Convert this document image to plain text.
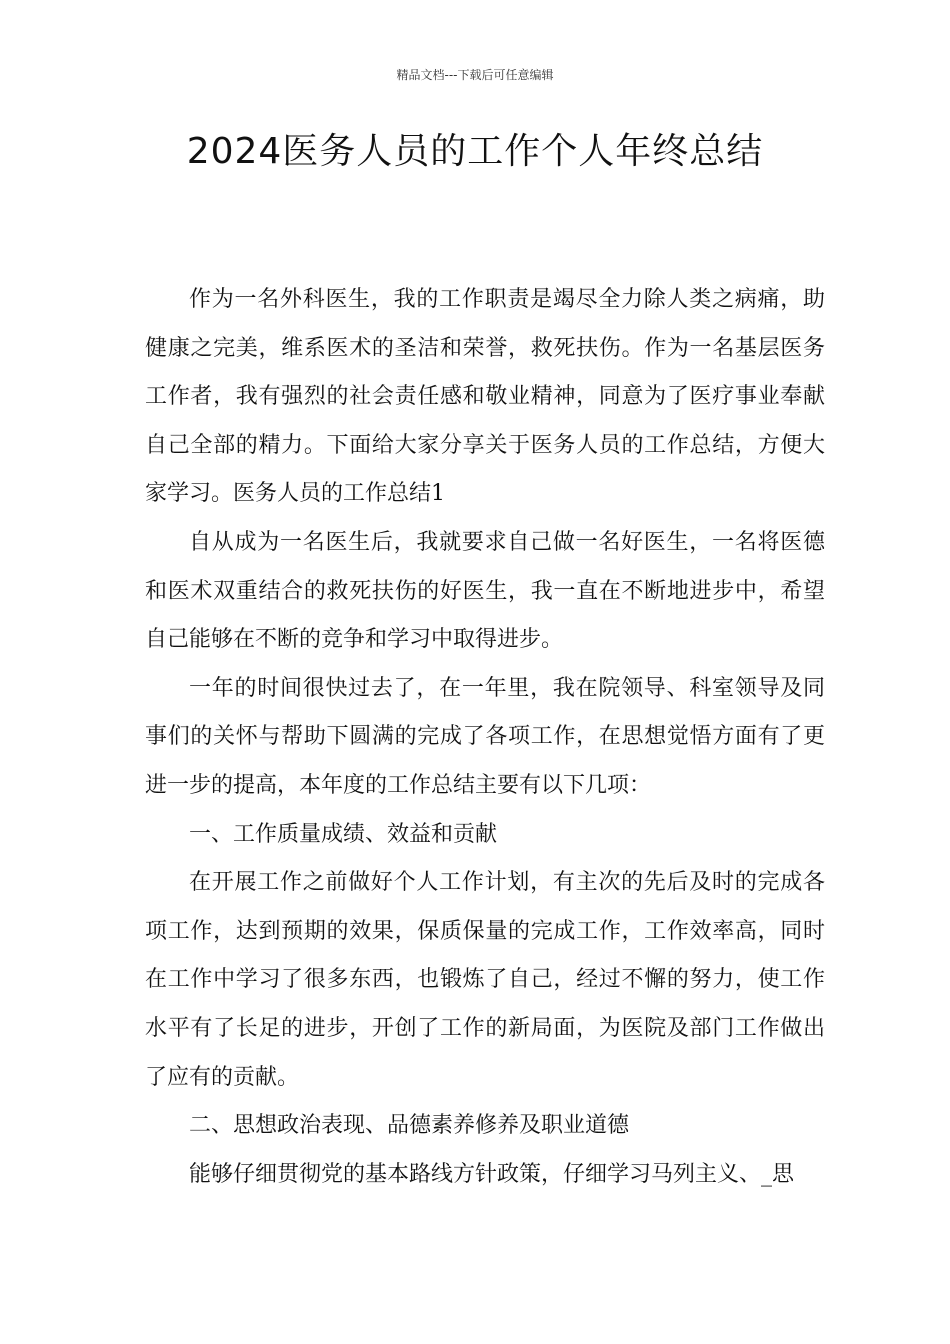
精品文档---下载后可任意编辑
2024医务人员的工作个人年终总结

作为一名外科医生，我的工作职责是竭尽全力除人类之病痛，助健康之完美，维系医术的圣洁和荣誉，救死扶伤。作为一名基层医务工作者，我有强烈的社会责任感和敬业精神，同意为了医疗事业奉献自己全部的精力。下面给大家分享关于医务人员的工作总结，方便大家学习。医务人员的工作总结1

自从成为一名医生后，我就要求自己做一名好医生，一名将医德和医术双重结合的救死扶伤的好医生，我一直在不断地进步中，希望自己能够在不断的竞争和学习中取得进步。

一年的时间很快过去了，在一年里，我在院领导、科室领导及同事们的关怀与帮助下圆满的完成了各项工作，在思想觉悟方面有了更进一步的提高，本年度的工作总结主要有以下几项：

一、工作质量成绩、效益和贡献

在开展工作之前做好个人工作计划，有主次的先后及时的完成各项工作，达到预期的效果，保质保量的完成工作，工作效率高，同时在工作中学习了很多东西，也锻炼了自己，经过不懈的努力，使工作水平有了长足的进步，开创了工作的新局面，为医院及部门工作做出了应有的贡献。

二、思想政治表现、品德素养修养及职业道德

能够仔细贯彻党的基本路线方针政策，仔细学习马列主义、_思
